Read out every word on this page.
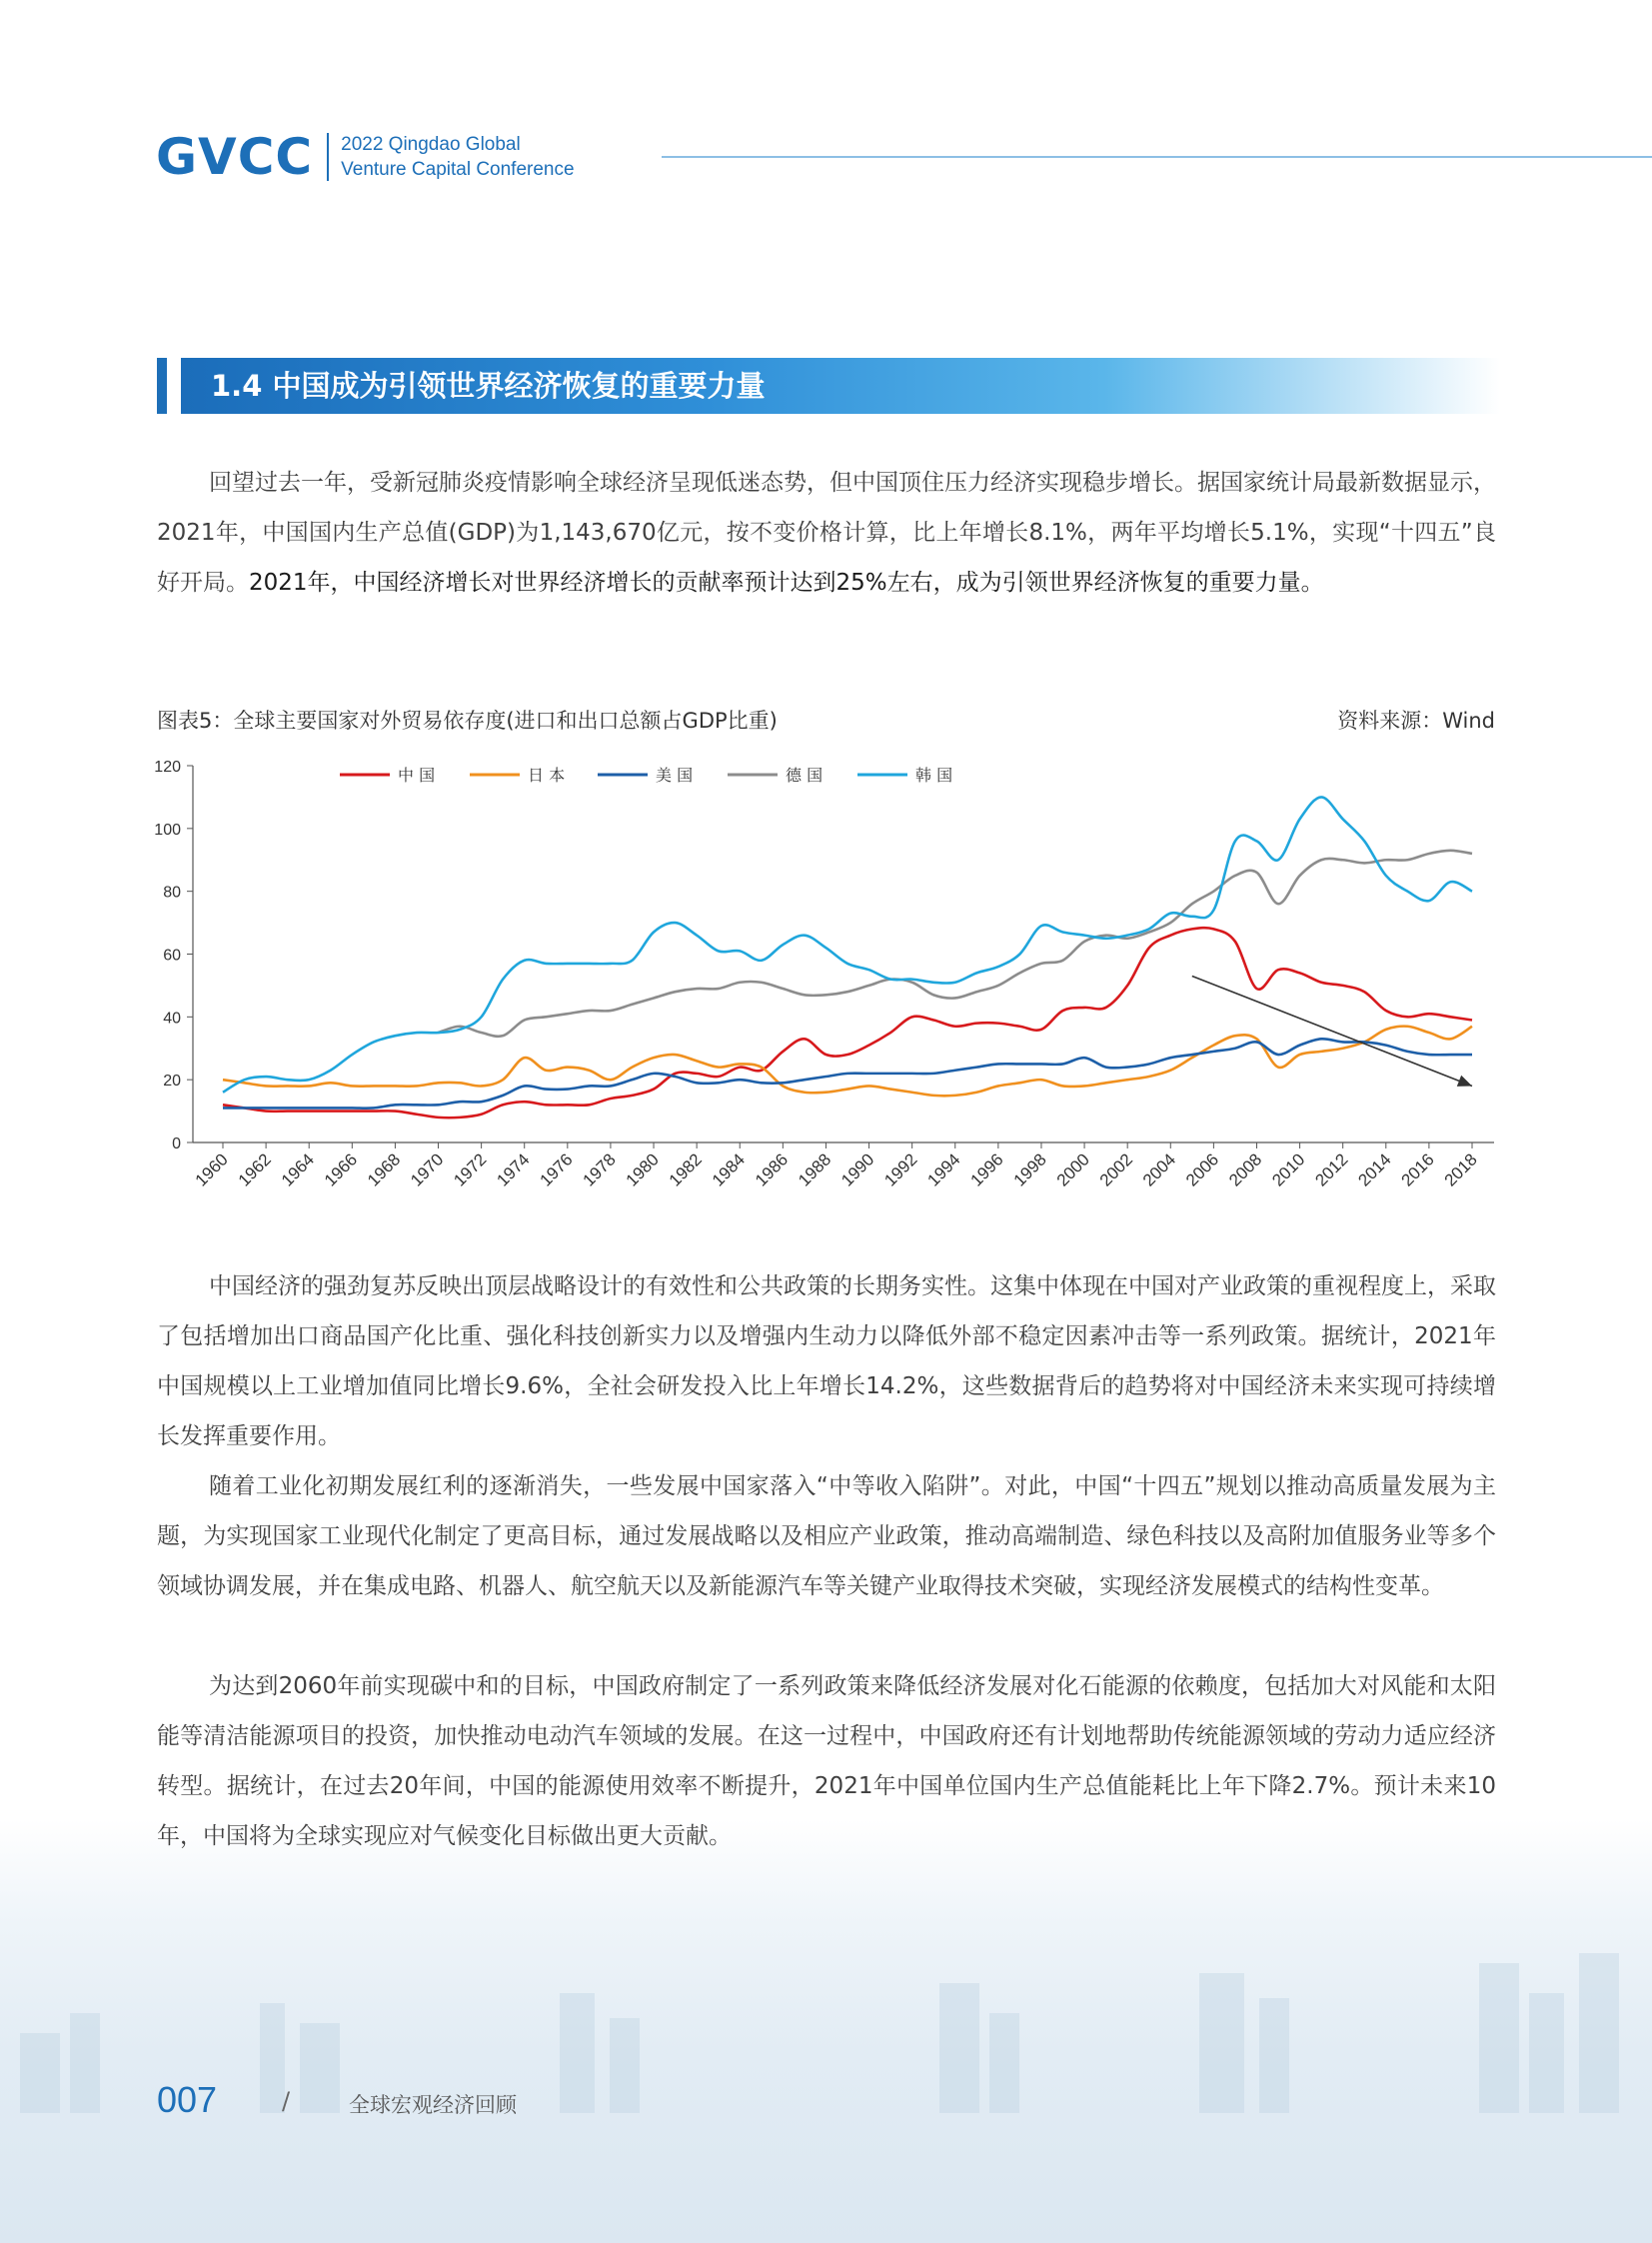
GVCC 2022 Qingdao Global
Venture Capital Conference
1.4 中国成为引领世界经济恢复的重要力量

回望过去一年，受新冠肺炎疫情影响全球经济呈现低迷态势，但中国顶住压力经济实现稳步增长。据国家统计局最新数据显示，2021年，中国国内生产总值(GDP)为1,143,670亿元，按不变价格计算，比上年增长8.1%，两年平均增长5.1%，实现“十四五”良好开局。2021年，中国经济增长对世界经济增长的贡献率预计达到25%左右，成为引领世界经济恢复的重要力量。

图表5：全球主要国家对外贸易依存度(进口和出口总额占GDP比重)	资料来源：Wind
0
20
40
60
80
100
120
1960 1962 1964 1966 1968 1970 1972 1974 1976 1978 1980 1982 1984 1986 1988 1990 1992 1994 1996 1998 2000 2002 2004 2006 2008 2010 2012 2014 2016 2018
中 国	日 本	美 国	德 国	韩 国

中国经济的强劲复苏反映出顶层战略设计的有效性和公共政策的长期务实性。这集中体现在中国对产业政策的重视程度上，采取了包括增加出口商品国产化比重、强化科技创新实力以及增强内生动力以降低外部不稳定因素冲击等一系列政策。据统计，2021年中国规模以上工业增加值同比增长9.6%，全社会研发投入比上年增长14.2%，这些数据背后的趋势将对中国经济未来实现可持续增长发挥重要作用。

随着工业化初期发展红利的逐渐消失，一些发展中国家落入“中等收入陷阱”。对此，中国“十四五”规划以推动高质量发展为主题，为实现国家工业现代化制定了更高目标，通过发展战略以及相应产业政策，推动高端制造、绿色科技以及高附加值服务业等多个领域协调发展，并在集成电路、机器人、航空航天以及新能源汽车等关键产业取得技术突破，实现经济发展模式的结构性变革。

为达到2060年前实现碳中和的目标，中国政府制定了一系列政策来降低经济发展对化石能源的依赖度，包括加大对风能和太阳能等清洁能源项目的投资，加快推动电动汽车领域的发展。在这一过程中，中国政府还有计划地帮助传统能源领域的劳动力适应经济转型。据统计，在过去20年间，中国的能源使用效率不断提升，2021年中国单位国内生产总值能耗比上年下降2.7%。预计未来10年，中国将为全球实现应对气候变化目标做出更大贡献。

007	/	全球宏观经济回顾
